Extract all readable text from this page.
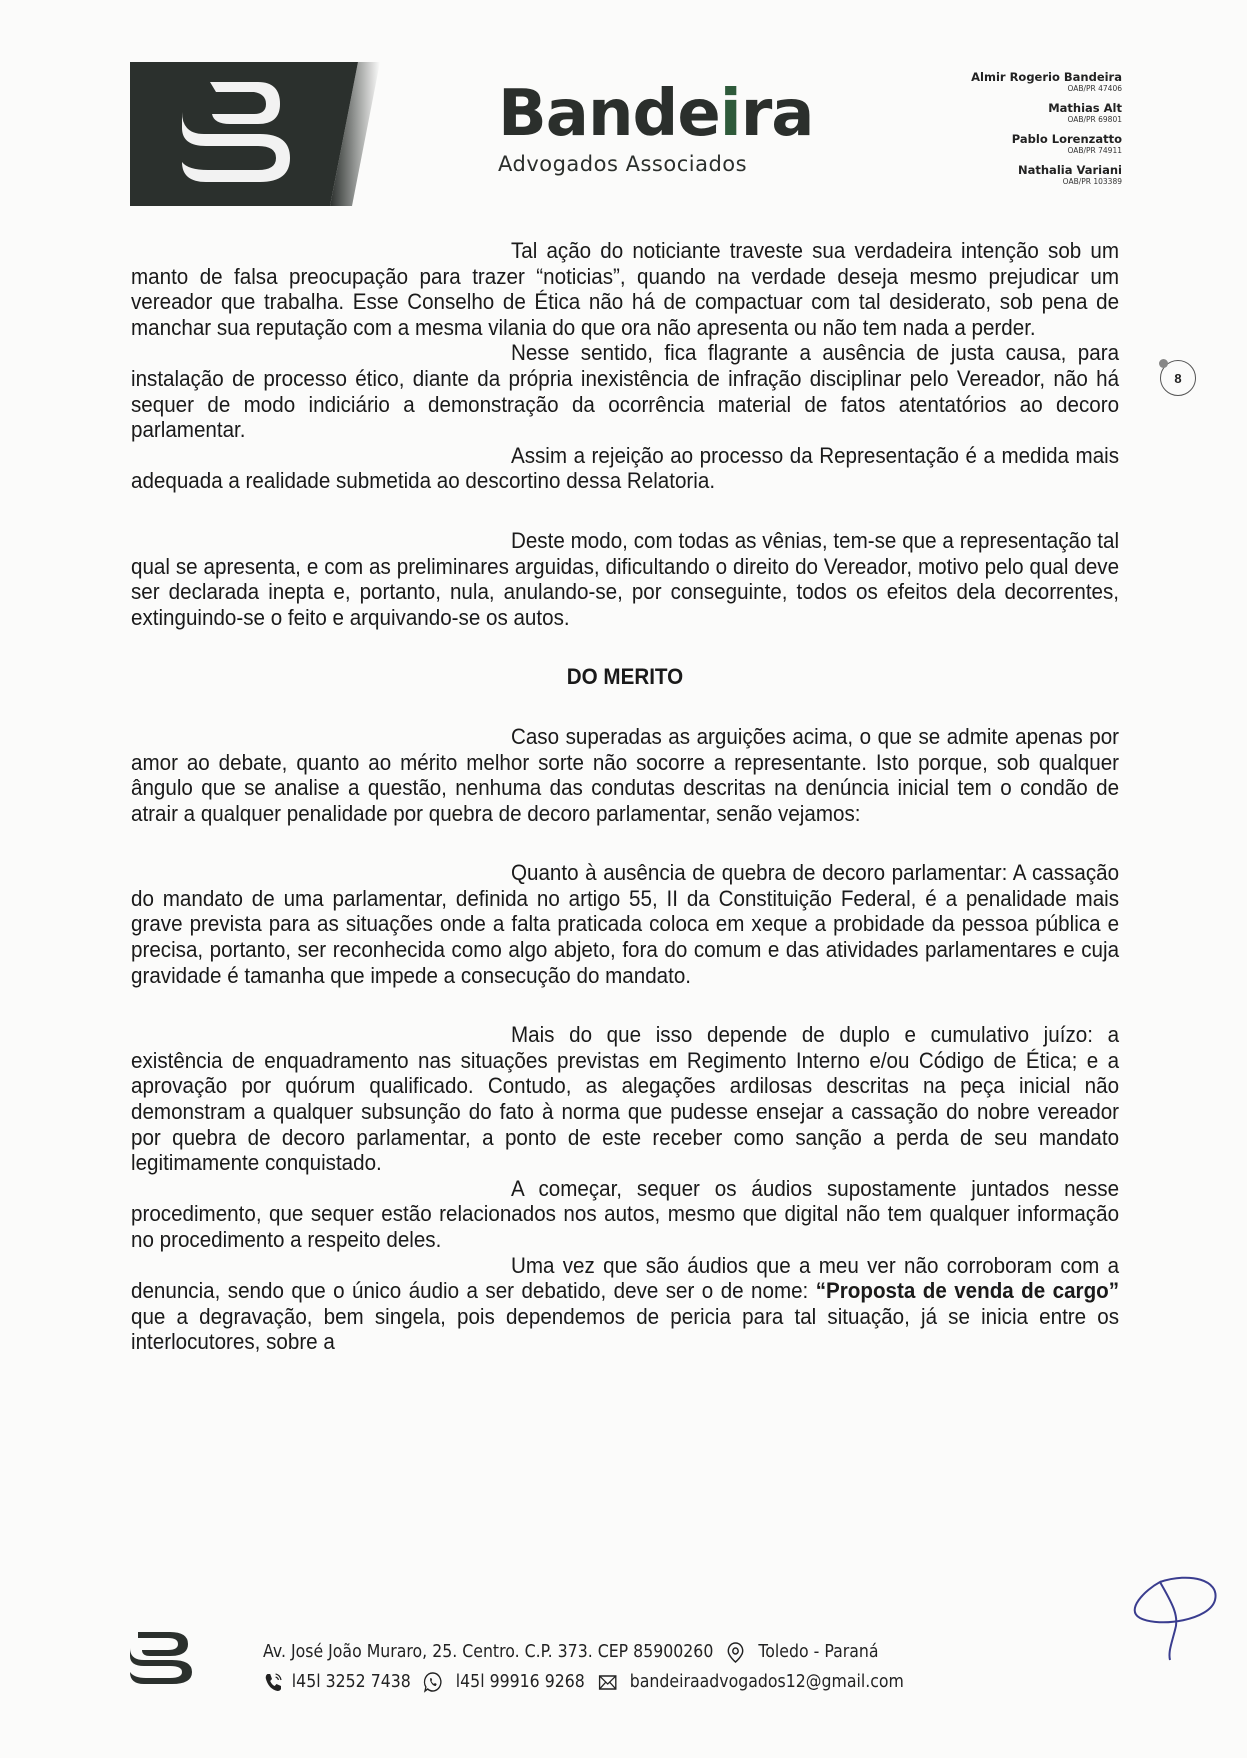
Bandeira
Advogados Associados
Almir Rogerio Bandeira
OAB/PR 47406
Mathias Alt
OAB/PR 69801
Pablo Lorenzatto
OAB/PR 74911
Nathalia Variani
OAB/PR 103389
8

Tal ação do noticiante traveste sua verdadeira intenção sob um manto de falsa preocupação para trazer “noticias”, quando na verdade deseja mesmo prejudicar um vereador que trabalha. Esse Conselho de Ética não há de compactuar com tal desiderato, sob pena de manchar sua reputação com a mesma vilania do que ora não apresenta ou não tem nada a perder.

Nesse sentido, fica flagrante a ausência de justa causa, para instalação de processo ético, diante da própria inexistência de infração disciplinar pelo Vereador, não há sequer de modo indiciário a demonstração da ocorrência material de fatos atentatórios ao decoro parlamentar.

Assim a rejeição ao processo da Representação é a medida mais adequada a realidade submetida ao descortino dessa Relatoria.

Deste modo, com todas as vênias, tem-se que a representação tal qual se apresenta, e com as preliminares arguidas, dificultando o direito do Vereador, motivo pelo qual deve ser declarada inepta e, portanto, nula, anulando-se, por conseguinte, todos os efeitos dela decorrentes, extinguindo-se o feito e arquivando-se os autos.

DO MERITO

Caso superadas as arguições acima, o que se admite apenas por amor ao debate, quanto ao mérito melhor sorte não socorre a representante. Isto porque, sob qualquer ângulo que se analise a questão, nenhuma das condutas descritas na denúncia inicial tem o condão de atrair a qualquer penalidade por quebra de decoro parlamentar, senão vejamos:

Quanto à ausência de quebra de decoro parlamentar: A cassação do mandato de uma parlamentar, definida no artigo 55, II da Constituição Federal, é a penalidade mais grave prevista para as situações onde a falta praticada coloca em xeque a probidade da pessoa pública e precisa, portanto, ser reconhecida como algo abjeto, fora do comum e das atividades parlamentares e cuja gravidade é tamanha que impede a consecução do mandato.

Mais do que isso depende de duplo e cumulativo juízo: a existência de enquadramento nas situações previstas em Regimento Interno e/ou Código de Ética; e a aprovação por quórum qualificado. Contudo, as alegações ardilosas descritas na peça inicial não demonstram a qualquer subsunção do fato à norma que pudesse ensejar a cassação do nobre vereador por quebra de decoro parlamentar, a ponto de este receber como sanção a perda de seu mandato legitimamente conquistado.

A começar, sequer os áudios supostamente juntados nesse procedimento, que sequer estão relacionados nos autos, mesmo que digital não tem qualquer informação no procedimento a respeito deles.

Uma vez que são áudios que a meu ver não corroboram com a denuncia, sendo que o único áudio a ser debatido, deve ser o de nome: “Proposta de venda de cargo” que a degravação, bem singela, pois dependemos de pericia para tal situação, já se inicia entre os interlocutores, sobre a

Av. José João Muraro, 25. Centro. C.P. 373. CEP 85900260	Toledo - Paraná
l45l 3252 7438	l45l 99916 9268	bandeiraadvogados12@gmail.com
